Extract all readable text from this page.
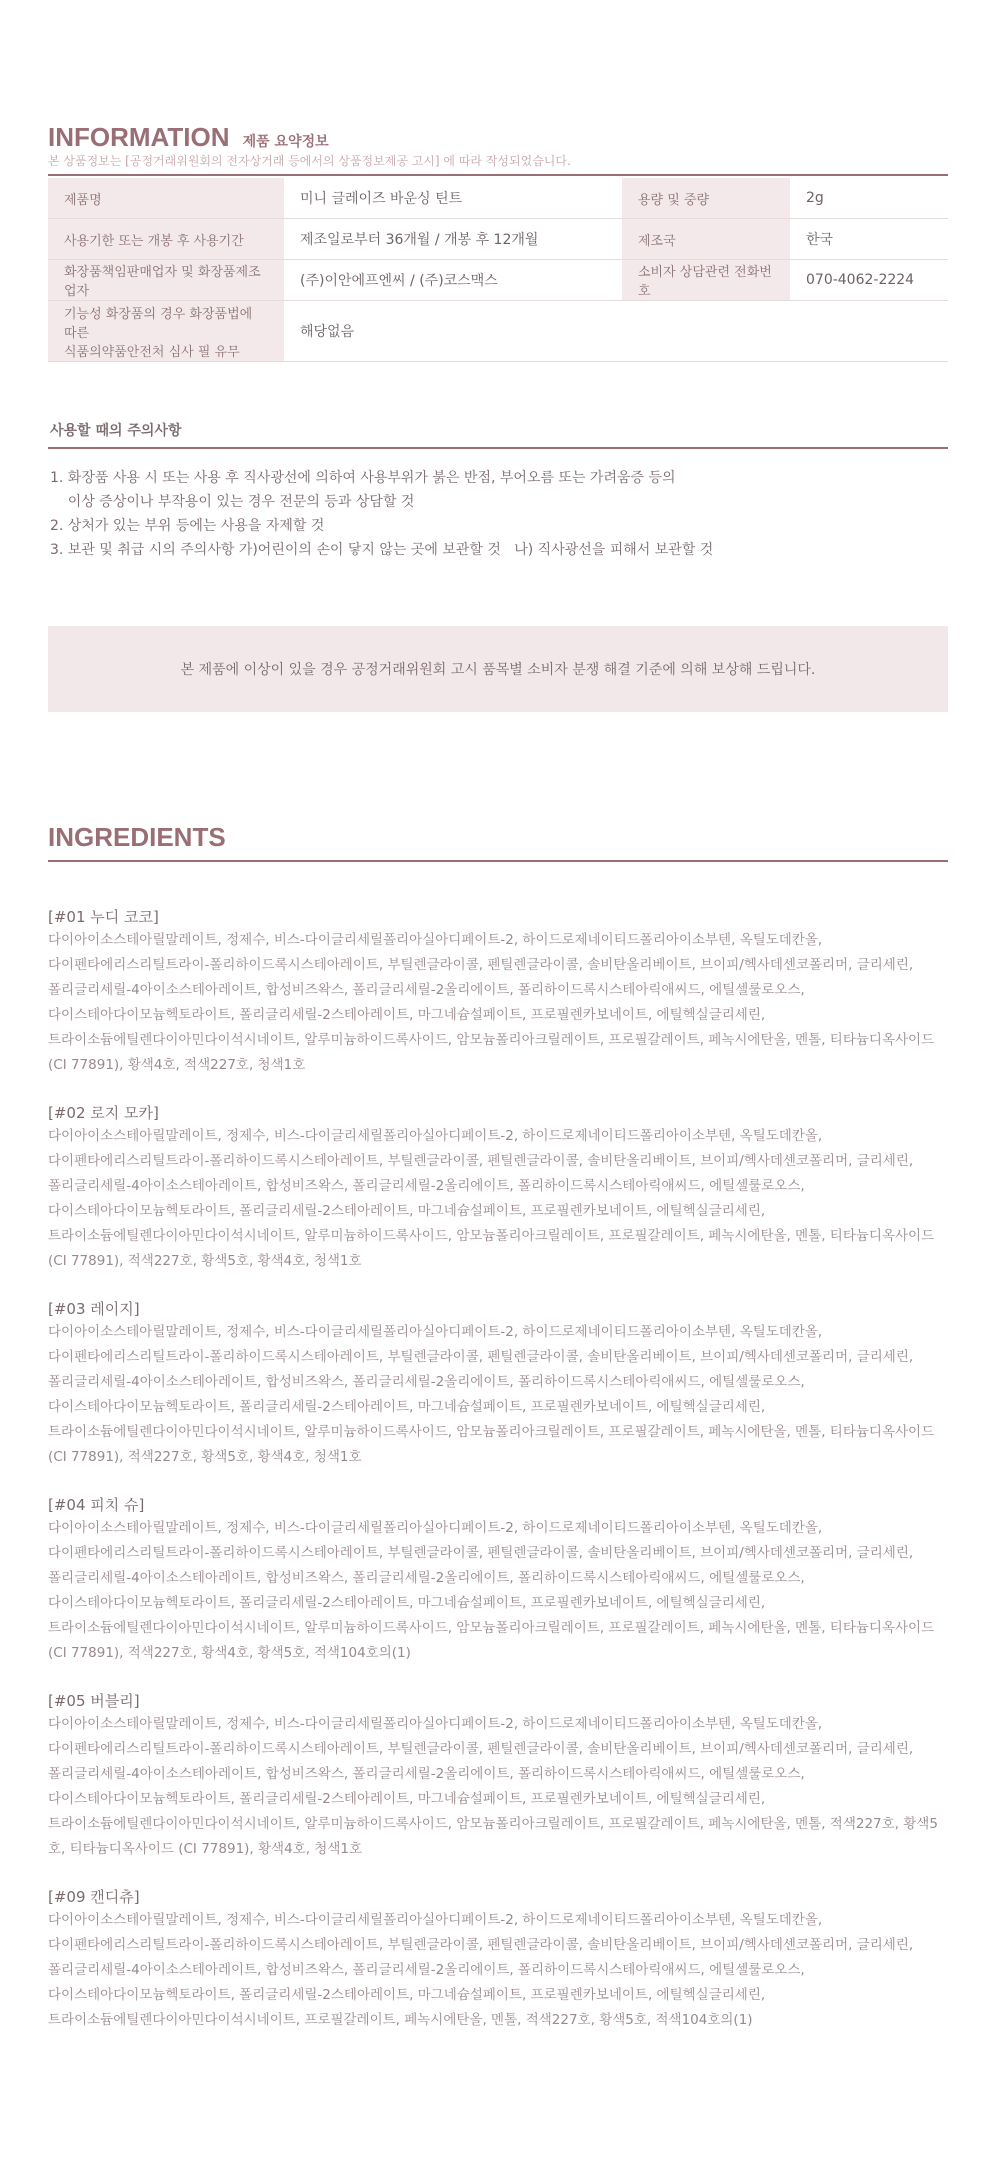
INFORMATION 제품 요약정보
본 상품정보는 [공정거래위원회의 전자상거래 등에서의 상품정보제공 고시] 에 따라 작성되었습니다.
제품명	미니 글레이즈 바운싱 틴트	용량 및 중량	2g
사용기한 또는 개봉 후 사용기간	제조일로부터 36개월 / 개봉 후 12개월	제조국	한국
화장품책임판매업자 및 화장품제조업자	(주)이안에프엔씨 / (주)코스맥스	소비자 상담관련 전화번호	070-4062-2224

기능성 화장품의 경우 화장품법에 따른
식품의약품안전처 심사 필 유무	해당없음		
사용할 때의 주의사항
1. 화장품 사용 시 또는 사용 후 직사광선에 의하여 사용부위가 붉은 반점, 부어오름 또는 가려움증 등의
이상 증상이나 부작용이 있는 경우 전문의 등과 상담할 것
2. 상처가 있는 부위 등에는 사용을 자제할 것
3. 보관 및 취급 시의 주의사항 가)어린이의 손이 닿지 않는 곳에 보관할 것   나) 직사광선을 피해서 보관할 것
본 제품에 이상이 있을 경우 공정거래위원회 고시 품목별 소비자 분쟁 해결 기준에 의해 보상해 드립니다.
INGREDIENTS
[#01 누디 코코]
다이아이소스테아릴말레이트, 정제수, 비스-다이글리세릴폴리아실아디페이트-2, 하이드로제네이티드폴리아이소부텐, 옥틸도데칸올,
다이펜타에리스리틸트라이-폴리하이드록시스테아레이트, 부틸렌글라이콜, 펜틸렌글라이콜, 솔비탄올리베이트, 브이피/헥사데센코폴리머, 글리세린,
폴리글리세릴-4아이소스테아레이트, 합성비즈왁스, 폴리글리세릴-2올리에이트, 폴리하이드록시스테아릭애씨드, 에틸셀룰로오스,
다이스테아다이모늄헥토라이트, 폴리글리세릴-2스테아레이트, 마그네슘설페이트, 프로필렌카보네이트, 에틸헥실글리세린,
트라이소듐에틸렌다이아민다이석시네이트, 알루미늄하이드록사이드, 암모늄폴리아크릴레이트, 프로필갈레이트, 페녹시에탄올, 멘톨, 티타늄디옥사이드
(CI 77891), 황색4호, 적색227호, 청색1호
[#02 로지 모카]
다이아이소스테아릴말레이트, 정제수, 비스-다이글리세릴폴리아실아디페이트-2, 하이드로제네이티드폴리아이소부텐, 옥틸도데칸올,
다이펜타에리스리틸트라이-폴리하이드록시스테아레이트, 부틸렌글라이콜, 펜틸렌글라이콜, 솔비탄올리베이트, 브이피/헥사데센코폴리머, 글리세린,
폴리글리세릴-4아이소스테아레이트, 합성비즈왁스, 폴리글리세릴-2올리에이트, 폴리하이드록시스테아릭애씨드, 에틸셀룰로오스,
다이스테아다이모늄헥토라이트, 폴리글리세릴-2스테아레이트, 마그네슘설페이트, 프로필렌카보네이트, 에틸헥실글리세린,
트라이소듐에틸렌다이아민다이석시네이트, 알루미늄하이드록사이드, 암모늄폴리아크릴레이트, 프로필갈레이트, 페녹시에탄올, 멘톨, 티타늄디옥사이드
(CI 77891), 적색227호, 황색5호, 황색4호, 청색1호
[#03 레이지]
다이아이소스테아릴말레이트, 정제수, 비스-다이글리세릴폴리아실아디페이트-2, 하이드로제네이티드폴리아이소부텐, 옥틸도데칸올,
다이펜타에리스리틸트라이-폴리하이드록시스테아레이트, 부틸렌글라이콜, 펜틸렌글라이콜, 솔비탄올리베이트, 브이피/헥사데센코폴리머, 글리세린,
폴리글리세릴-4아이소스테아레이트, 합성비즈왁스, 폴리글리세릴-2올리에이트, 폴리하이드록시스테아릭애씨드, 에틸셀룰로오스,
다이스테아다이모늄헥토라이트, 폴리글리세릴-2스테아레이트, 마그네슘설페이트, 프로필렌카보네이트, 에틸헥실글리세린,
트라이소듐에틸렌다이아민다이석시네이트, 알루미늄하이드록사이드, 암모늄폴리아크릴레이트, 프로필갈레이트, 페녹시에탄올, 멘톨, 티타늄디옥사이드
(CI 77891), 적색227호, 황색5호, 황색4호, 청색1호
[#04 피치 슈]
다이아이소스테아릴말레이트, 정제수, 비스-다이글리세릴폴리아실아디페이트-2, 하이드로제네이티드폴리아이소부텐, 옥틸도데칸올,
다이펜타에리스리틸트라이-폴리하이드록시스테아레이트, 부틸렌글라이콜, 펜틸렌글라이콜, 솔비탄올리베이트, 브이피/헥사데센코폴리머, 글리세린,
폴리글리세릴-4아이소스테아레이트, 합성비즈왁스, 폴리글리세릴-2올리에이트, 폴리하이드록시스테아릭애씨드, 에틸셀룰로오스,
다이스테아다이모늄헥토라이트, 폴리글리세릴-2스테아레이트, 마그네슘설페이트, 프로필렌카보네이트, 에틸헥실글리세린,
트라이소듐에틸렌다이아민다이석시네이트, 알루미늄하이드록사이드, 암모늄폴리아크릴레이트, 프로필갈레이트, 페녹시에탄올, 멘톨, 티타늄디옥사이드
(CI 77891), 적색227호, 황색4호, 황색5호, 적색104호의(1)
[#05 버블리]
다이아이소스테아릴말레이트, 정제수, 비스-다이글리세릴폴리아실아디페이트-2, 하이드로제네이티드폴리아이소부텐, 옥틸도데칸올,
다이펜타에리스리틸트라이-폴리하이드록시스테아레이트, 부틸렌글라이콜, 펜틸렌글라이콜, 솔비탄올리베이트, 브이피/헥사데센코폴리머, 글리세린,
폴리글리세릴-4아이소스테아레이트, 합성비즈왁스, 폴리글리세릴-2올리에이트, 폴리하이드록시스테아릭애씨드, 에틸셀룰로오스,
다이스테아다이모늄헥토라이트, 폴리글리세릴-2스테아레이트, 마그네슘설페이트, 프로필렌카보네이트, 에틸헥실글리세린,
트라이소듐에틸렌다이아민다이석시네이트, 알루미늄하이드록사이드, 암모늄폴리아크릴레이트, 프로필갈레이트, 페녹시에탄올, 멘톨, 적색227호, 황색5
호, 티타늄디옥사이드 (CI 77891), 황색4호, 청색1호
[#09 캔디츄]
다이아이소스테아릴말레이트, 정제수, 비스-다이글리세릴폴리아실아디페이트-2, 하이드로제네이티드폴리아이소부텐, 옥틸도데칸올,
다이펜타에리스리틸트라이-폴리하이드록시스테아레이트, 부틸렌글라이콜, 펜틸렌글라이콜, 솔비탄올리베이트, 브이피/헥사데센코폴리머, 글리세린,
폴리글리세릴-4아이소스테아레이트, 합성비즈왁스, 폴리글리세릴-2올리에이트, 폴리하이드록시스테아릭애씨드, 에틸셀룰로오스,
다이스테아다이모늄헥토라이트, 폴리글리세릴-2스테아레이트, 마그네슘설페이트, 프로필렌카보네이트, 에틸헥실글리세린,
트라이소듐에틸렌다이아민다이석시네이트, 프로필갈레이트, 페녹시에탄올, 멘톨, 적색227호, 황색5호, 적색104호의(1)
